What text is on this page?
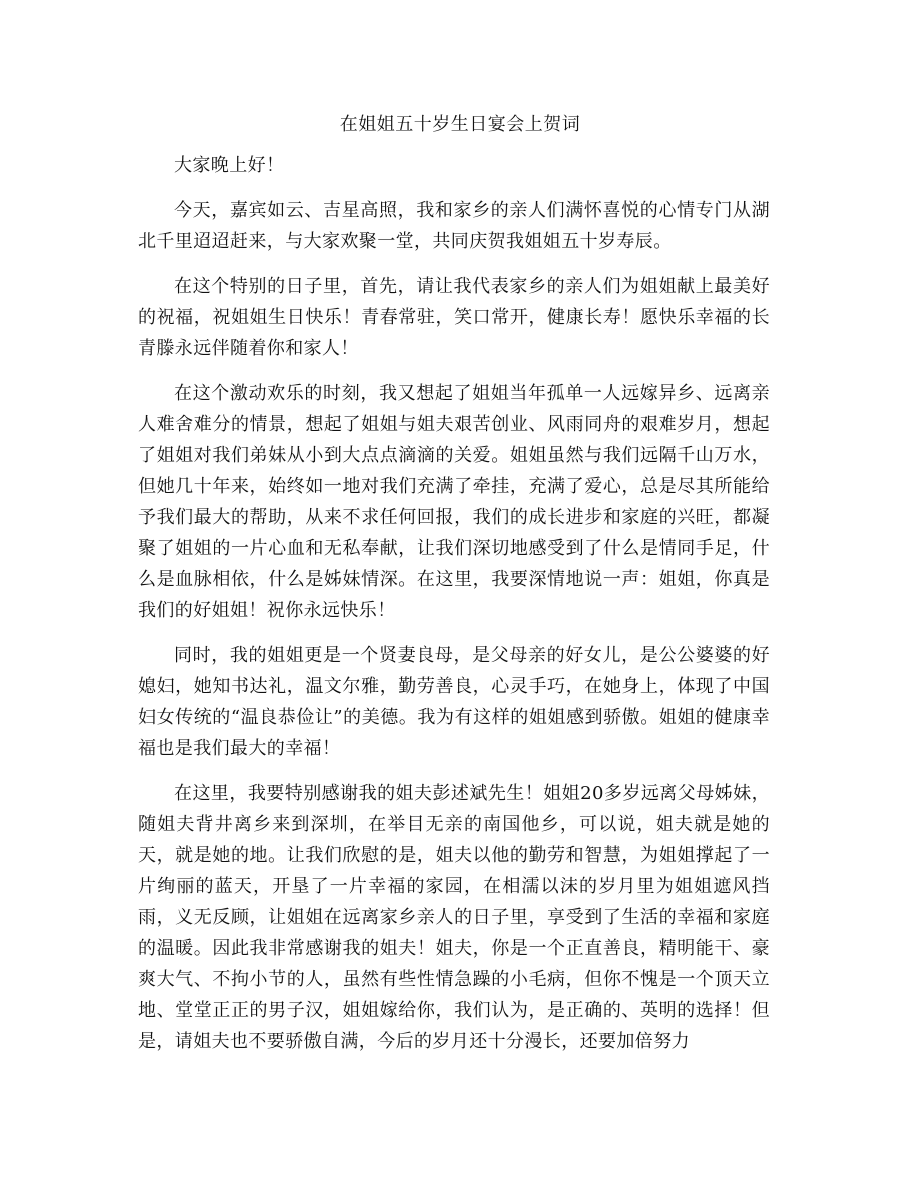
在姐姐五十岁生日宴会上贺词

大家晚上好！

今天，嘉宾如云、吉星高照，我和家乡的亲人们满怀喜悦的心情专门从湖北千里迢迢赶来，与大家欢聚一堂，共同庆贺我姐姐五十岁寿辰。

在这个特别的日子里，首先，请让我代表家乡的亲人们为姐姐献上最美好的祝福，祝姐姐生日快乐！青春常驻，笑口常开，健康长寿！愿快乐幸福的长青滕永远伴随着你和家人！

在这个激动欢乐的时刻，我又想起了姐姐当年孤单一人远嫁异乡、远离亲人难舍难分的情景，想起了姐姐与姐夫艰苦创业、风雨同舟的艰难岁月，想起了姐姐对我们弟妹从小到大点点滴滴的关爱。姐姐虽然与我们远隔千山万水，但她几十年来，始终如一地对我们充满了牵挂，充满了爱心，总是尽其所能给予我们最大的帮助，从来不求任何回报，我们的成长进步和家庭的兴旺，都凝聚了姐姐的一片心血和无私奉献，让我们深切地感受到了什么是情同手足，什么是血脉相依，什么是姊妹情深。在这里，我要深情地说一声：姐姐，你真是我们的好姐姐！祝你永远快乐！

同时，我的姐姐更是一个贤妻良母，是父母亲的好女儿，是公公婆婆的好媳妇，她知书达礼，温文尔雅，勤劳善良，心灵手巧，在她身上，体现了中国妇女传统的“温良恭俭让”的美德。我为有这样的姐姐感到骄傲。姐姐的健康幸福也是我们最大的幸福！

在这里，我要特别感谢我的姐夫彭述斌先生！姐姐20多岁远离父母姊妹，随姐夫背井离乡来到深圳，在举目无亲的南国他乡，可以说，姐夫就是她的天，就是她的地。让我们欣慰的是，姐夫以他的勤劳和智慧，为姐姐撑起了一片绚丽的蓝天，开垦了一片幸福的家园，在相濡以沫的岁月里为姐姐遮风挡雨，义无反顾，让姐姐在远离家乡亲人的日子里，享受到了生活的幸福和家庭的温暖。因此我非常感谢我的姐夫！姐夫，你是一个正直善良，精明能干、豪爽大气、不拘小节的人，虽然有些性情急躁的小毛病，但你不愧是一个顶天立地、堂堂正正的男子汉，姐姐嫁给你，我们认为，是正确的、英明的选择！但是，请姐夫也不要骄傲自满，今后的岁月还十分漫长，还要加倍努力
